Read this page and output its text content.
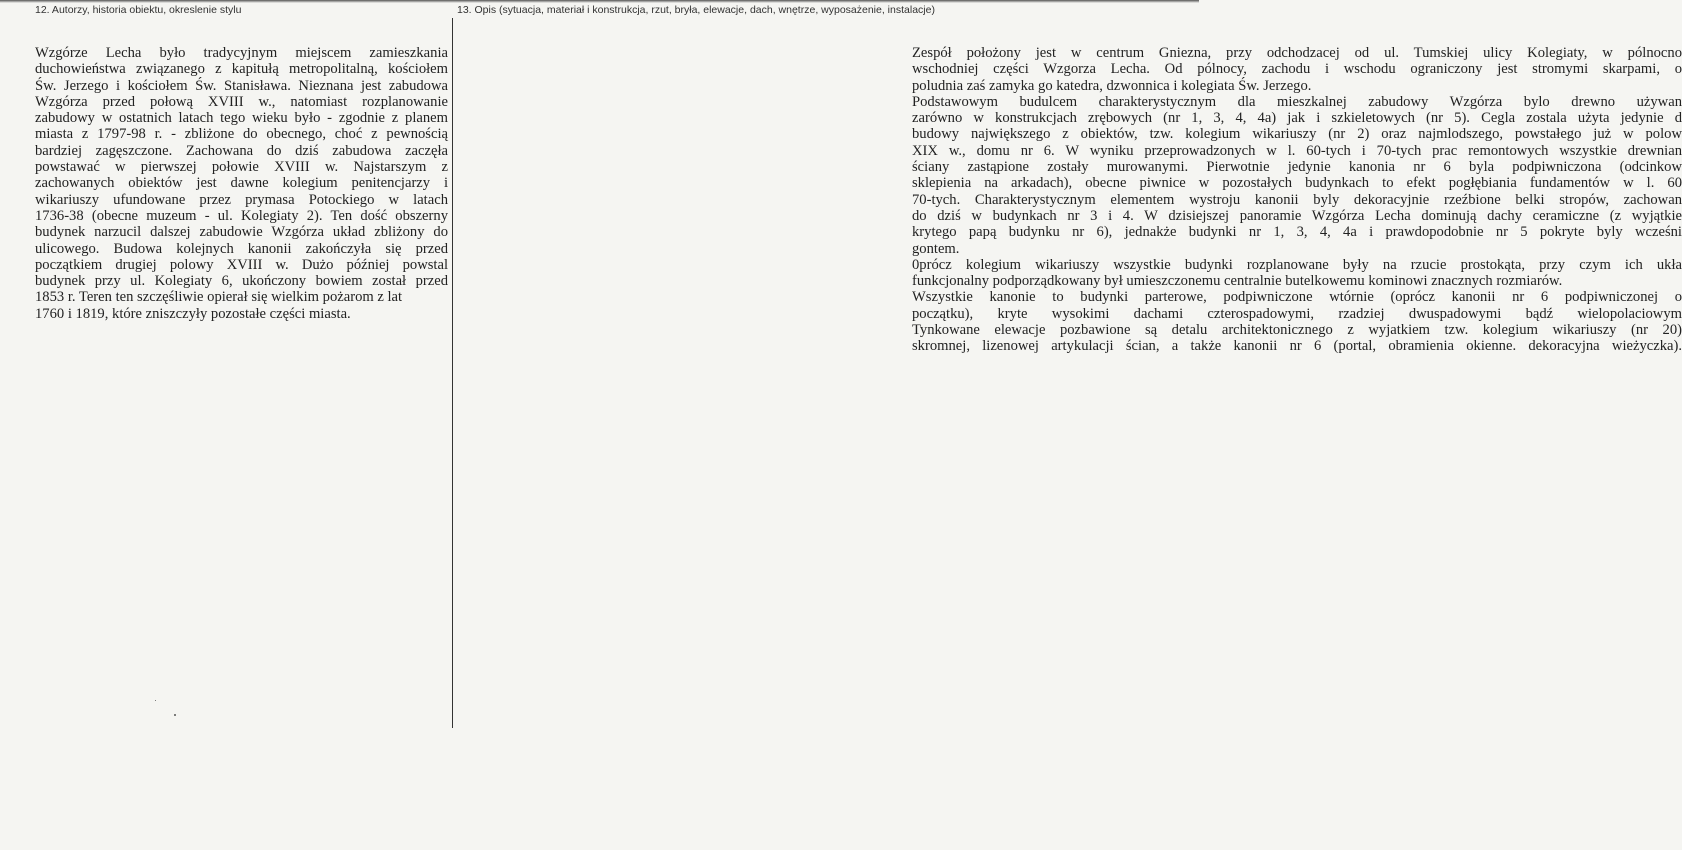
12. Autorzy, historia obiektu, okreslenie stylu	13. Opis (sytuacja, materiał i konstrukcja, rzut, bryła, elewacje, dach, wnętrze, wyposażenie, instalacje)
Wzgórze Lecha było tradycyjnym miejscem zamieszkania
duchowieństwa związanego z kapitułą metropolitalną, kościołem
Św. Jerzego i kościołem Św. Stanisława. Nieznana jest zabudowa
Wzgórza przed połową XVIII w., natomiast rozplanowanie
zabudowy w ostatnich latach tego wieku było - zgodnie z planem
miasta z 1797-98 r. - zbliżone do obecnego, choć z pewnością
bardziej zagęszczone. Zachowana do dziś zabudowa zaczęła
powstawać w pierwszej połowie XVIII w. Najstarszym z
zachowanych obiektów jest dawne kolegium penitencjarzy i
wikariuszy ufundowane przez prymasa Potockiego w latach
1736-38 (obecne muzeum - ul. Kolegiaty 2). Ten dość obszerny
budynek narzucil dalszej zabudowie Wzgórza układ zbliżony do
ulicowego. Budowa kolejnych kanonii zakończyła się przed
początkiem drugiej polowy XVIII w. Dużo później powstal
budynek przy ul. Kolegiaty 6, ukończony bowiem został przed
1853 r. Teren ten szczęśliwie opierał się wielkim pożarom z lat
1760 i 1819, które zniszczyły pozostałe części miasta.
Zespół położony jest w centrum Gniezna, przy odchodzacej od ul. Tumskiej ulicy Kolegiaty, w pólnocno
wschodniej części Wzgorza Lecha. Od pólnocy, zachodu i wschodu ograniczony jest stromymi skarpami, o
poludnia zaś zamyka go katedra, dzwonnica i kolegiata Św. Jerzego.
Podstawowym budulcem charakterystycznym dla mieszkalnej zabudowy Wzgórza bylo drewno używan
zarówno w konstrukcjach zrębowych (nr 1, 3, 4, 4a) jak i szkieletowych (nr 5). Cegla zostala użyta jedynie d
budowy największego z obiektów, tzw. kolegium wikariuszy (nr 2) oraz najmlodszego, powstałego już w polow
XIX w., domu nr 6. W wyniku przeprowadzonych w l. 60-tych i 70-tych prac remontowych wszystkie drewnian
ściany zastąpione zostały murowanymi. Pierwotnie jedynie kanonia nr 6 byla podpiwniczona (odcinkow
sklepienia na arkadach), obecne piwnice w pozostałych budynkach to efekt pogłębiania fundamentów w l. 60
70-tych. Charakterystycznym elementem wystroju kanonii byly dekoracyjnie rzeźbione belki stropów, zachowan
do dziś w budynkach nr 3 i 4. W dzisiejszej panoramie Wzgórza Lecha dominują dachy ceramiczne (z wyjątkie
krytego papą budynku nr 6), jednakże budynki nr 1, 3, 4, 4a i prawdopodobnie nr 5 pokryte byly wcześni
gontem.
0prócz kolegium wikariuszy wszystkie budynki rozplanowane były na rzucie prostokąta, przy czym ich ukła
funkcjonalny podporządkowany był umieszczonemu centralnie butelkowemu kominowi znacznych rozmiarów.
Wszystkie kanonie to budynki parterowe, podpiwniczone wtórnie (oprócz kanonii nr 6 podpiwniczonej o
początku), kryte wysokimi dachami czterospadowymi, rzadziej dwuspadowymi bądź wielopolaciowym
Tynkowane elewacje pozbawione są detalu architektonicznego z wyjatkiem tzw. kolegium wikariuszy (nr 20)
skromnej, lizenowej artykulacji ścian, a także kanonii nr 6 (portal, obramienia okienne. dekoracyjna wieżyczka).
